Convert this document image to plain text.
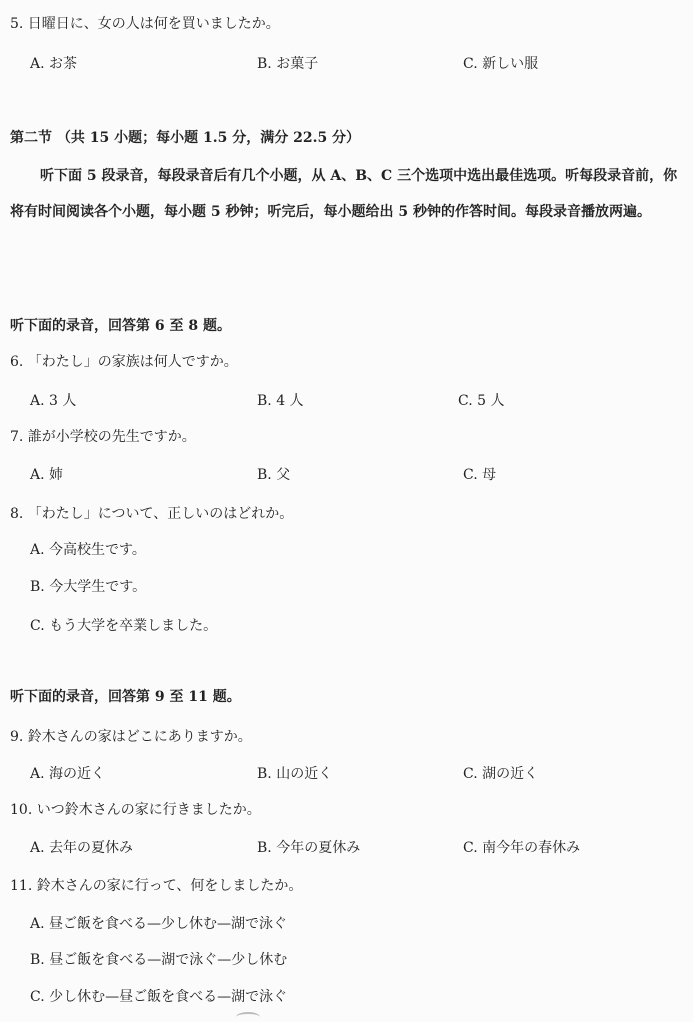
5. 日曜日に、女の人は何を買いましたか。
A. お茶	B. お菓子	C. 新しい服
第二节 （共 15 小题；每小题 1.5 分，满分 22.5 分）
听下面 5 段录音，每段录音后有几个小题，从 A、B、C 三个选项中选出最佳选项。听每段录音前，你将有时间阅读各个小题，每小题 5 秒钟；听完后，每小题给出 5 秒钟的作答时间。每段录音播放两遍。
听下面的录音，回答第 6 至 8 题。
6. 「わたし」の家族は何人ですか。
A. 3 人	B. 4 人	C. 5 人
7. 誰が小学校の先生ですか。
A. 姉	B. 父	C. 母
8. 「わたし」について、正しいのはどれか。
A. 今高校生です。
B. 今大学生です。
C. もう大学を卒業しました。
听下面的录音，回答第 9 至 11 题。
9. 鈴木さんの家はどこにありますか。
A. 海の近く	B. 山の近く	C. 湖の近く
10. いつ鈴木さんの家に行きましたか。
A. 去年の夏休み	B. 今年の夏休み	C. 南今年の春休み
11. 鈴木さんの家に行って、何をしましたか。
A. 昼ご飯を食べる—少し休む—湖で泳ぐ
B. 昼ご飯を食べる—湖で泳ぐ—少し休む
C. 少し休む—昼ご飯を食べる—湖で泳ぐ
